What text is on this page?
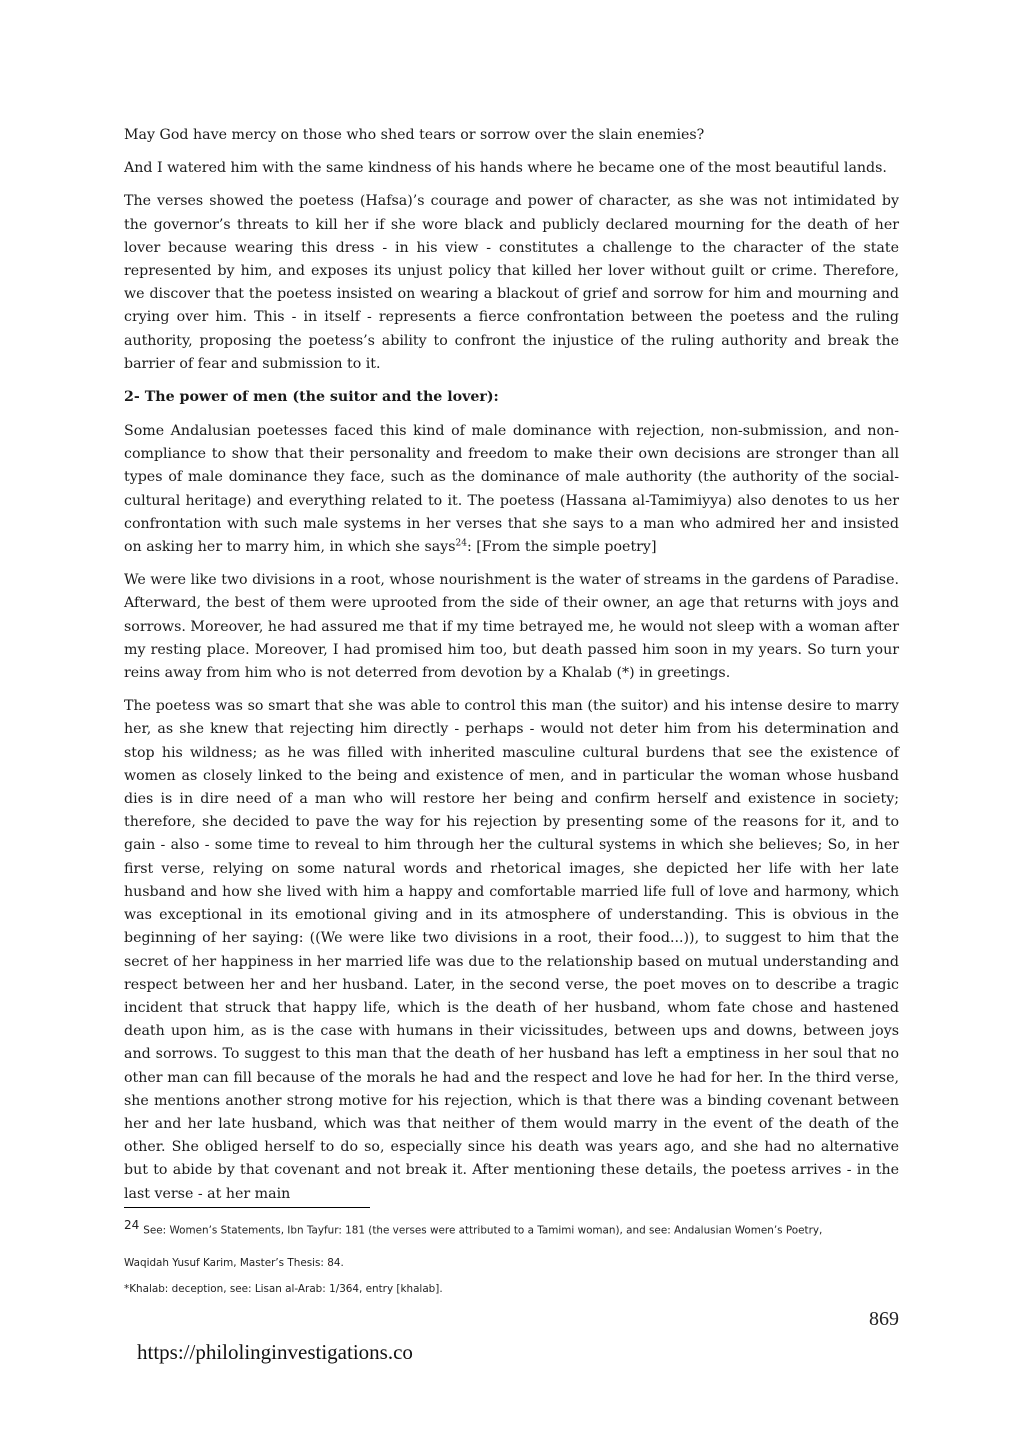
May God have mercy on those who shed tears or sorrow over the slain enemies?

And I watered him with the same kindness of his hands where he became one of the most beautiful lands.

The verses showed the poetess (Hafsa)’s courage and power of character, as she was not intimidated by the governor’s threats to kill her if she wore black and publicly declared mourning for the death of her lover because wearing this dress - in his view - constitutes a challenge to the character of the state represented by him, and exposes its unjust policy that killed her lover without guilt or crime. Therefore, we discover that the poetess insisted on wearing a blackout of grief and sorrow for him and mourning and crying over him. This - in itself - represents a fierce confrontation between the poetess and the ruling authority, proposing the poetess’s ability to confront the injustice of the ruling authority and break the barrier of fear and submission to it.

2- The power of men (the suitor and the lover):

Some Andalusian poetesses faced this kind of male dominance with rejection, non-submission, and non-compliance to show that their personality and freedom to make their own decisions are stronger than all types of male dominance they face, such as the dominance of male authority (the authority of the social-cultural heritage) and everything related to it. The poetess (Hassana al-Tamimiyya) also denotes to us her confrontation with such male systems in her verses that she says to a man who admired her and insisted on asking her to marry him, in which she says$^{24}$: [From the simple poetry]

We were like two divisions in a root, whose nourishment is the water of streams in the gardens of Paradise. Afterward, the best of them were uprooted from the side of their owner, an age that returns with joys and sorrows. Moreover, he had assured me that if my time betrayed me, he would not sleep with a woman after my resting place. Moreover, I had promised him too, but death passed him soon in my years. So turn your reins away from him who is not deterred from devotion by a Khalab (*) in greetings.

The poetess was so smart that she was able to control this man (the suitor) and his intense desire to marry her, as she knew that rejecting him directly - perhaps - would not deter him from his determination and stop his wildness; as he was filled with inherited masculine cultural burdens that see the existence of women as closely linked to the being and existence of men, and in particular the woman whose husband dies is in dire need of a man who will restore her being and confirm herself and existence in society; therefore, she decided to pave the way for his rejection by presenting some of the reasons for it, and to gain - also - some time to reveal to him through her the cultural systems in which she believes; So, in her first verse, relying on some natural words and rhetorical images, she depicted her life with her late husband and how she lived with him a happy and comfortable married life full of love and harmony, which was exceptional in its emotional giving and in its atmosphere of understanding. This is obvious in the beginning of her saying: ((We were like two divisions in a root, their food...)), to suggest to him that the secret of her happiness in her married life was due to the relationship based on mutual understanding and respect between her and her husband. Later, in the second verse, the poet moves on to describe a tragic incident that struck that happy life, which is the death of her husband, whom fate chose and hastened death upon him, as is the case with humans in their vicissitudes, between ups and downs, between joys and sorrows. To suggest to this man that the death of her husband has left a emptiness in her soul that no other man can fill because of the morals he had and the respect and love he had for her. In the third verse, she mentions another strong motive for his rejection, which is that there was a binding covenant between her and her late husband, which was that neither of them would marry in the event of the death of the other. She obliged herself to do so, especially since his death was years ago, and she had no alternative but to abide by that covenant and not break it. After mentioning these details, the poetess arrives - in the last verse - at her main

24 See: Women’s Statements, Ibn Tayfur: 181 (the verses were attributed to a Tamimi woman), and see: Andalusian Women’s Poetry,

Waqidah Yusuf Karim, Master’s Thesis: 84.

*Khalab: deception, see: Lisan al-Arab: 1/364, entry [khalab].

869
https://philolinginvestigations.co
